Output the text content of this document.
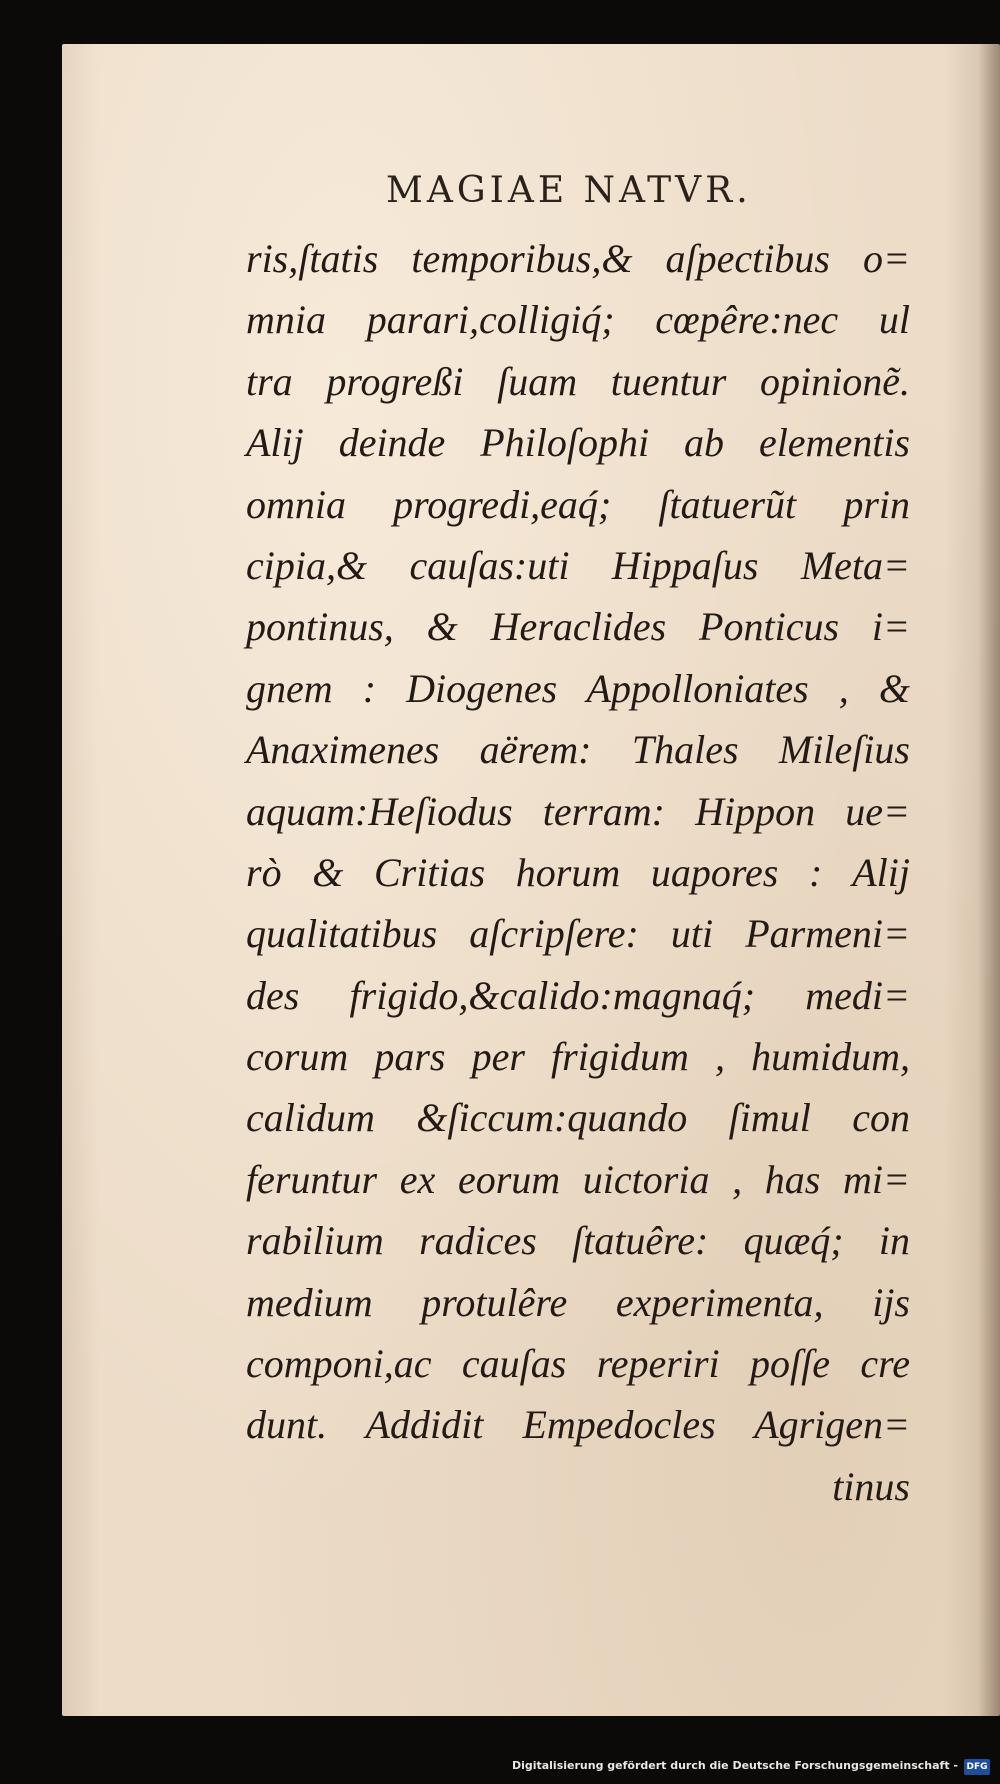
MAGIAE NATVR.
ris,ſtatis temporibus,& aſpectibus o=
mnia parari,colligiq́; cœpêre:nec ul
tra progreßi ſuam tuentur opinionẽ.
Alij deinde Philoſophi ab elementis
omnia progredi,eaq́; ſtatuerũt prin
cipia,& cauſas:uti Hippaſus Meta=
pontinus, & Heraclides Ponticus i=
gnem : Diogenes Appolloniates , &
Anaximenes aërem: Thales Mileſius
aquam:Heſiodus terram: Hippon ue=
rò & Critias horum uapores : Alij
qualitatibus aſcripſere: uti Parmeni=
des frigido,&calido:magnaq́; medi=
corum pars per frigidum , humidum,
calidum &ſiccum:quando ſimul con
feruntur ex eorum uictoria , has mi=
rabilium radices ſtatuêre: quæq́; in
medium protulêre experimenta, ijs
componi,ac cauſas reperiri poſſe cre
dunt. Addidit Empedocles Agrigen=
tinus
Digitalisierung gefördert durch die Deutsche Forschungsgemeinschaft - DFG
